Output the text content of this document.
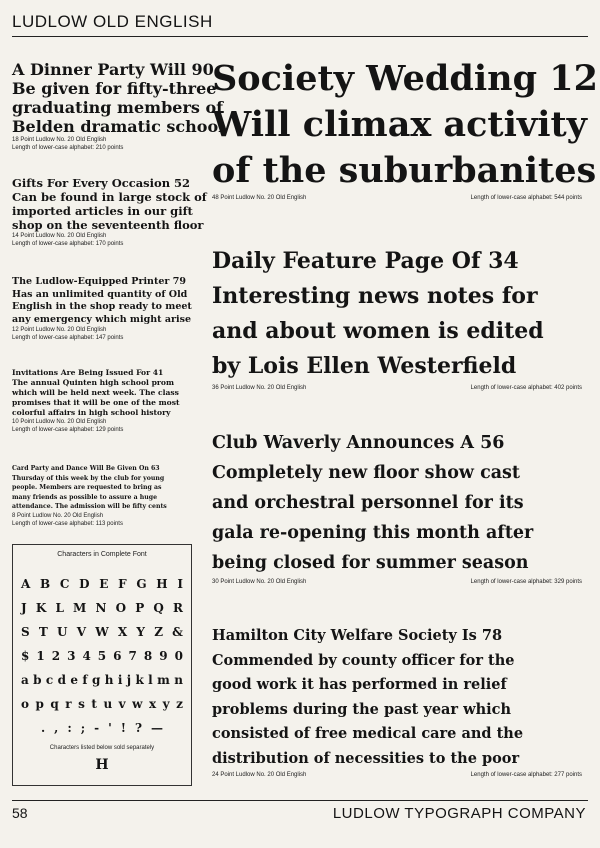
LUDLOW OLD ENGLISH
A Dinner Party Will 90
Be given for fifty-three
graduating members of
Belden dramatic school
18 Point Ludlow No. 20 Old English
Length of lower-case alphabet: 210 points
Gifts For Every Occasion 52
Can be found in large stock of
imported articles in our gift
shop on the seventeenth floor
14 Point Ludlow No. 20 Old English
Length of lower-case alphabet: 170 points
The Ludlow-Equipped Printer 79
Has an unlimited quantity of Old
English in the shop ready to meet
any emergency which might arise
12 Point Ludlow No. 20 Old English
Length of lower-case alphabet: 147 points
Invitations Are Being Issued For 41
The annual Quinten high school prom
which will be held next week. The class
promises that it will be one of the most
colorful affairs in high school history
10 Point Ludlow No. 20 Old English
Length of lower-case alphabet: 129 points
Card Party and Dance Will Be Given On 63
Thursday of this week by the club for young
people. Members are requested to bring as
many friends as possible to assure a huge
attendance. The admission will be fifty cents
8 Point Ludlow No. 20 Old English
Length of lower-case alphabet: 113 points
Characters in Complete Font
A B C D E F G H I
J K L M N O P Q R
S T U V W X Y Z &
$ 1 2 3 4 5 6 7 8 9 0
a b c d e f g h i j k l m n
o p q r s t u v w x y z
. , : ; - ' ! ? —
Characters listed below sold separately
H
Society Wedding 12
Will climax activity
of the suburbanites
48 Point Ludlow No. 20 Old English	Length of lower-case alphabet: 544 points
Daily Feature Page Of 34
Interesting news notes for
and about women is edited
by Lois Ellen Westerfield
36 Point Ludlow No. 20 Old English	Length of lower-case alphabet: 402 points
Club Waverly Announces A 56
Completely new floor show cast
and orchestral personnel for its
gala re-opening this month after
being closed for summer season
30 Point Ludlow No. 20 Old English	Length of lower-case alphabet: 329 points
Hamilton City Welfare Society Is 78
Commended by county officer for the
good work it has performed in relief
problems during the past year which
consisted of free medical care and the
distribution of necessities to the poor
24 Point Ludlow No. 20 Old English	Length of lower-case alphabet: 277 points
58	LUDLOW TYPOGRAPH COMPANY
